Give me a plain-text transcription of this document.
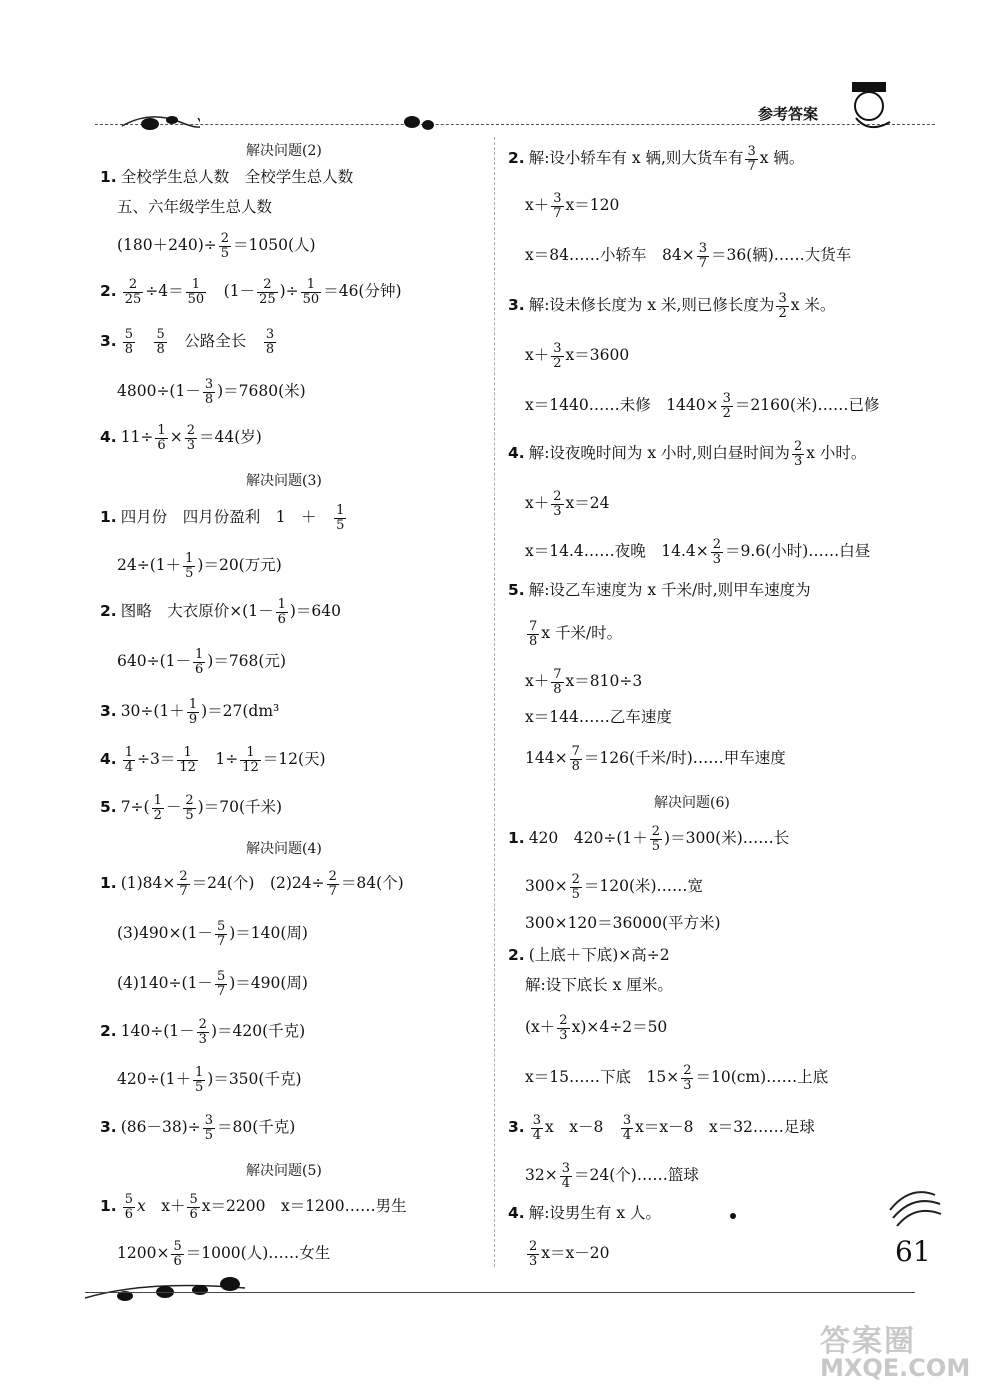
参考答案
61
答案圈
MXQE.COM
解决问题(2)
1. 全校学生总人数　全校学生总人数
五、六年级学生总人数
$(180+240)\div \frac{2}{5} =1050$(人)
2. $\frac{2}{25} \div 4= \frac{1}{50}$ 　($1- \frac{2}{25}$ )÷ $\frac{1}{50} =46$(分钟)
3. $\frac{5}{8}$
　 $\frac{5}{8}$
　 公路全长　 $\frac{3}{8}$
$4800\div(1- \frac{3}{8} )=7680$(米)
4. $11\div \frac{1}{6} \times \frac{2}{3} =44$(岁)
解决问题(3)
1. 四月份　四月份盈利　1　＋　 $\frac{1}{5}$
$24\div(1+ \frac{1}{5} )=20$(万元)
2. 图略　大衣原价$\times(1- \frac{1}{6} )=640$
$640\div(1- \frac{1}{6} )=768$(元)
3. $30\div(1+ \frac{1}{9} )=27(dm^3$
4. $\frac{1}{4} \div 3= \frac{1}{12}$ 　$1\div \frac{1}{12} =12$(天)
5. $7\div( \frac{1}{2} - \frac{2}{5} )=70$(千米)
解决问题(4)
1. $(1)84\times \frac{2}{7} =24$(个)　$(2)24\div \frac{2}{7} =84$(个)
$(3)490\times(1- \frac{5}{7} )=140$(周)
$(4)140\div(1- \frac{5}{7} )=490$(周)
2. $140\div(1- \frac{2}{3} )=420$(千克)
$420\div(1+ \frac{1}{5} )=350$(千克)
3. $(86-38)\div \frac{3}{5} =80$(千克)
解决问题(5)
1. $\frac{5}{6}$ x　$x+ \frac{5}{6} x=2200$　x＝1200……男生
$1200\times \frac{5}{6} =1000$(人)……女生
2. 解:设小轿车有 x 辆,则大货车有 $\frac{3}{7}$ x 辆。
$x+ \frac{3}{7} x=120$
x＝84……小轿车　$84\times \frac{3}{7} =36$(辆)……大货车
3. 解:设未修长度为 x 米,则已修长度为 $\frac{3}{2}$ x 米。
$x+ \frac{3}{2} x=3600$
x＝1440……未修　$1440\times \frac{3}{2} =2160$(米)……已修
4. 解:设夜晚时间为 x 小时,则白昼时间为 $\frac{2}{3}$ x 小时。
$x+ \frac{2}{3} x=24$
x＝14.4……夜晚　$14.4\times \frac{2}{3} =9.6$(小时)……白昼
5. 解:设乙车速度为 x 千米/时,则甲车速度为
$\frac{7}{8}$ x 千米/时。
$x+ \frac{7}{8} x=810\div 3$
x＝144……乙车速度
$144\times \frac{7}{8} =126$(千米/时)……甲车速度
解决问题(6)
1. 420　$420\div(1+ \frac{2}{5} )=300$(米)……长
$300\times \frac{2}{5} =120$(米)……宽
300×120＝36000(平方米)
2. (上底＋下底)×高÷2
解:设下底长 x 厘米。
$(x+ \frac{2}{3} x)\times 4\div 2=50$
x＝15……下底　$15\times \frac{2}{3}$ ＝10(cm)……上底
3. $\frac{3}{4}$ x　x－8　 $\frac{3}{4} x=x-8$　x＝32……足球
$32\times \frac{3}{4} =24$(个)……篮球
4. 解:设男生有 x 人。
$\frac{2}{3} x=x-20$
